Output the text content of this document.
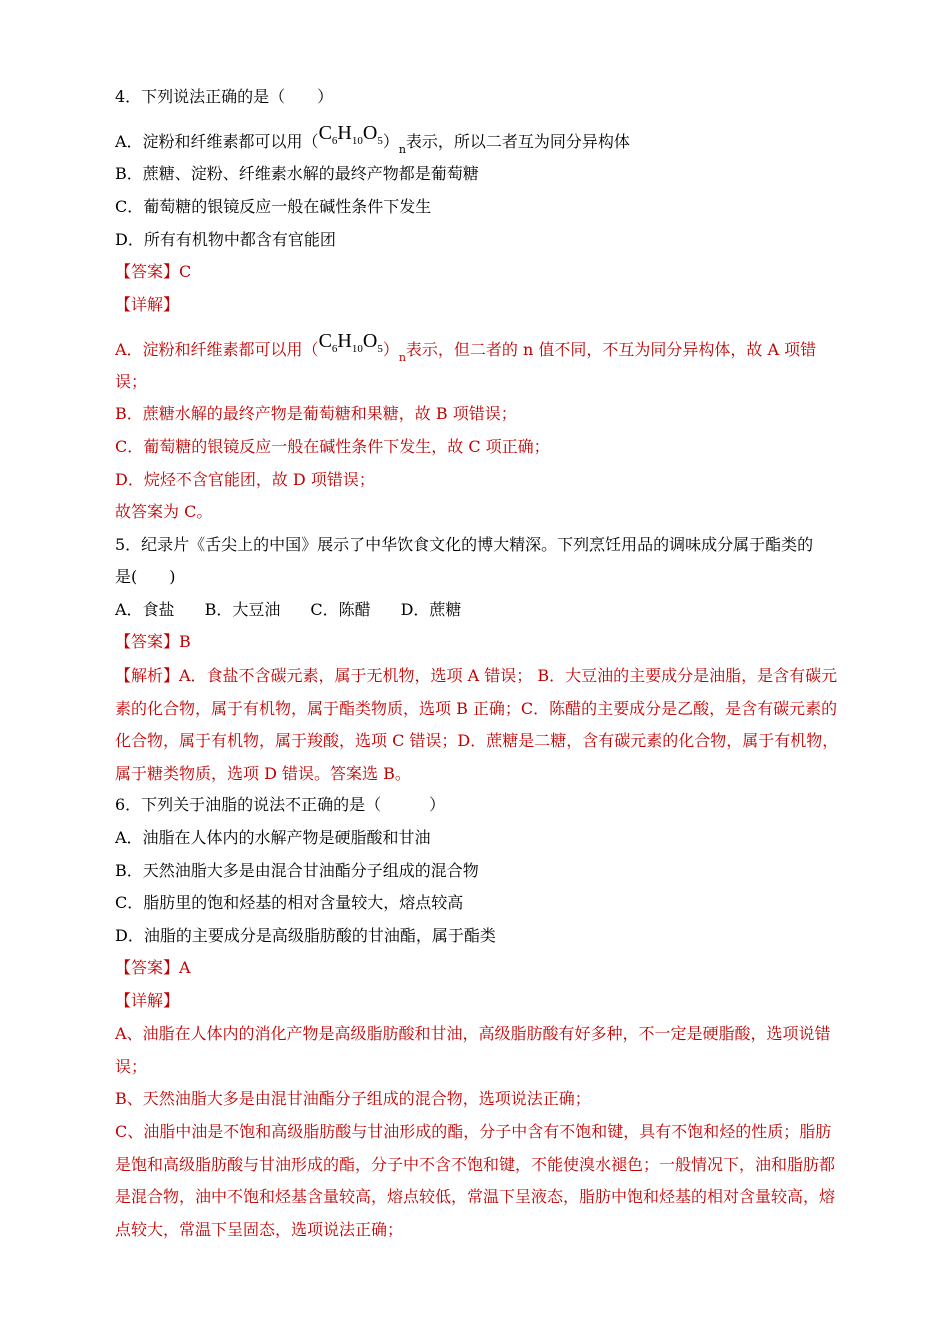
4．下列说法正确的是（　　）
A．淀粉和纤维素都可以用$(C_6H_{10}O_5)_n$表示，所以二者互为同分异构体
B．蔗糖、淀粉、纤维素水解的最终产物都是葡萄糖
C．葡萄糖的银镜反应一般在碱性条件下发生
D．所有有机物中都含有官能团
【答案】C
【详解】
A．淀粉和纤维素都可以用$(C_6H_{10}O_5)_n$表示，但二者的 n 值不同，不互为同分异构体，故 A 项错
误；
B．蔗糖水解的最终产物是葡萄糖和果糖，故 B 项错误；
C．葡萄糖的银镜反应一般在碱性条件下发生，故 C 项正确；
D．烷烃不含官能团，故 D 项错误；
故答案为 C。
5．纪录片《舌尖上的中国》展示了中华饮食文化的博大精深。下列烹饪用品的调味成分属于酯类的
是(　　)
A．食盐 B．大豆油 C．陈醋 D．蔗糖
【答案】B
【解析】A．食盐不含碳元素，属于无机物，选项 A 错误； B．大豆油的主要成分是油脂，是含有碳元素的化合物，属于有机物，属于酯类物质，选项 B 正确；C．陈醋的主要成分是乙酸，是含有碳元素的化合物，属于有机物，属于羧酸，选项 C 错误；D．蔗糖是二糖，含有碳元素的化合物，属于有机物，属于糖类物质，选项 D 错误。答案选 B。
6．下列关于油脂的说法不正确的是（　　　）
A．油脂在人体内的水解产物是硬脂酸和甘油
B．天然油脂大多是由混合甘油酯分子组成的混合物
C．脂肪里的饱和烃基的相对含量较大，熔点较高
D．油脂的主要成分是高级脂肪酸的甘油酯，属于酯类
【答案】A
【详解】
A、油脂在人体内的消化产物是高级脂肪酸和甘油，高级脂肪酸有好多种，不一定是硬脂酸，选项说错误；
B、天然油脂大多是由混甘油酯分子组成的混合物，选项说法正确；
C、油脂中油是不饱和高级脂肪酸与甘油形成的酯，分子中含有不饱和键，具有不饱和烃的性质；脂肪是饱和高级脂肪酸与甘油形成的酯，分子中不含不饱和键，不能使溴水褪色；一般情况下，油和脂肪都是混合物，油中不饱和烃基含量较高，熔点较低，常温下呈液态，脂肪中饱和烃基的相对含量较高，熔点较大，常温下呈固态，选项说法正确；
